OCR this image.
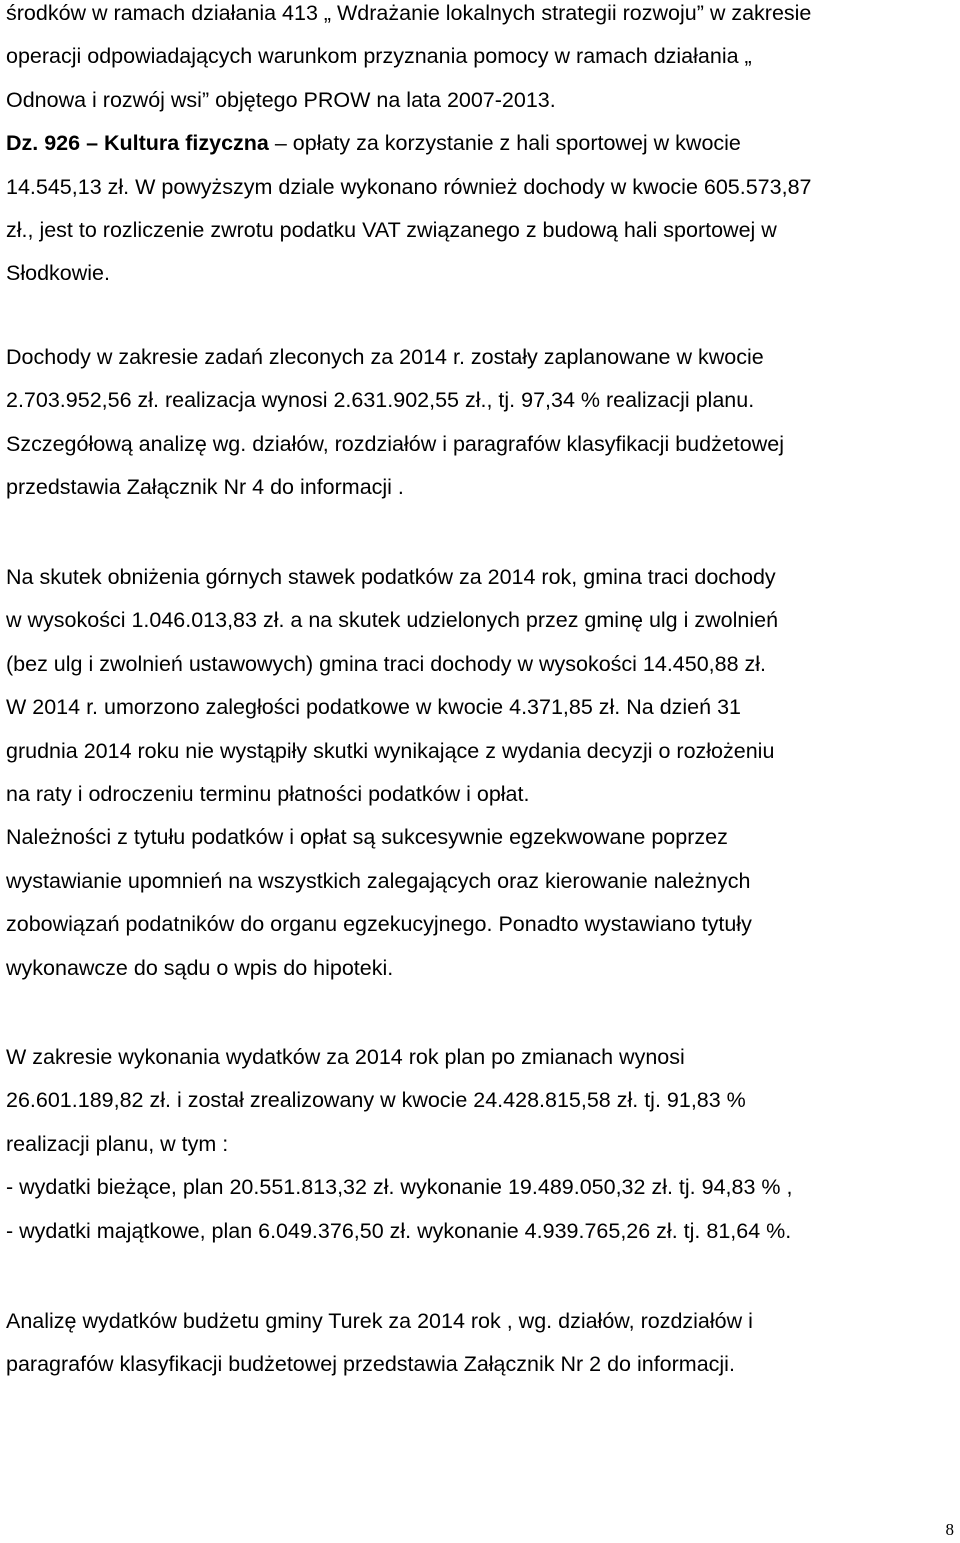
środków w ramach działania 413 „ Wdrażanie lokalnych strategii rozwoju” w zakresie
operacji odpowiadających warunkom przyznania pomocy w ramach działania „
Odnowa i rozwój wsi” objętego PROW na lata 2007-2013.
Dz. 926 – Kultura fizyczna – opłaty za korzystanie z hali sportowej w kwocie
14.545,13 zł. W powyższym dziale wykonano również dochody w kwocie 605.573,87
zł., jest to rozliczenie zwrotu podatku VAT związanego z budową hali sportowej w
Słodkowie.
Dochody w zakresie zadań zleconych za 2014 r. zostały zaplanowane w kwocie
2.703.952,56 zł. realizacja wynosi 2.631.902,55 zł., tj. 97,34 % realizacji planu.
Szczegółową analizę wg. działów, rozdziałów i paragrafów klasyfikacji budżetowej
przedstawia Załącznik Nr 4 do informacji .
Na skutek obniżenia górnych stawek podatków za 2014 rok, gmina traci dochody
w wysokości 1.046.013,83 zł. a na skutek udzielonych przez gminę ulg i zwolnień
(bez ulg i zwolnień ustawowych) gmina traci dochody w wysokości 14.450,88 zł.
W 2014 r. umorzono zaległości podatkowe w kwocie 4.371,85 zł. Na dzień 31
grudnia 2014 roku nie wystąpiły skutki wynikające z wydania decyzji o rozłożeniu
na raty i odroczeniu terminu płatności podatków i opłat.
Należności z tytułu podatków i opłat są sukcesywnie egzekwowane poprzez
wystawianie upomnień na wszystkich zalegających oraz kierowanie należnych
zobowiązań podatników do organu egzekucyjnego. Ponadto wystawiano tytuły
wykonawcze do sądu o wpis do hipoteki.
W zakresie wykonania wydatków za 2014 rok plan po zmianach wynosi
26.601.189,82 zł. i został zrealizowany w kwocie 24.428.815,58 zł. tj. 91,83 %
realizacji planu, w tym :
- wydatki bieżące, plan 20.551.813,32 zł. wykonanie 19.489.050,32 zł. tj. 94,83 % ,
- wydatki majątkowe, plan 6.049.376,50 zł. wykonanie 4.939.765,26 zł. tj. 81,64 %.
Analizę wydatków budżetu gminy Turek za 2014 rok , wg. działów, rozdziałów i
paragrafów klasyfikacji budżetowej przedstawia Załącznik Nr 2 do informacji.
8
